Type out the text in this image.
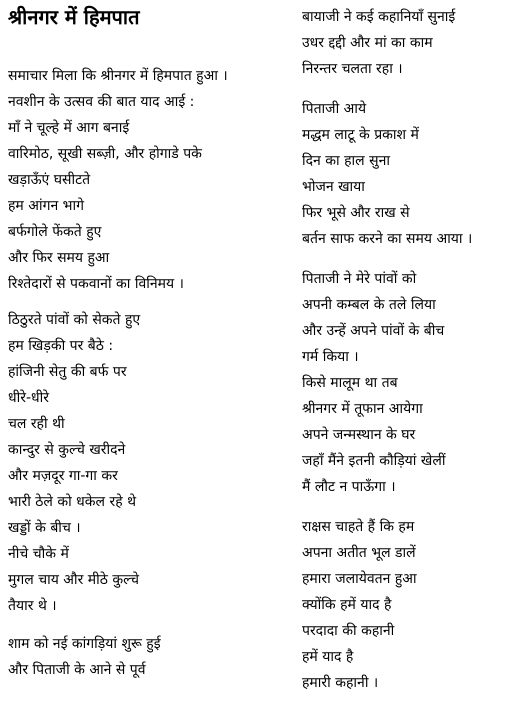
श्रीनगर में हिमपात
समाचार मिला कि श्रीनगर में हिमपात हुआ ।
नवशीन के उत्सव की बात याद आई :
माँ ने चूल्हे में आग बनाई
वारिमोठ, सूखी सब्ज़ी, और होगाडे पके
खड़ाऊँएं घसीटते
हम आंगन भागे
बर्फगोले फेंकते हुए
और फिर समय हुआ
रिश्तेदारों से पकवानों का विनिमय ।
ठिठुरते पांवों को सेकते हुए
हम खिड़की पर बैठे :
हांजिनी सेतु की बर्फ पर
धीरे-धीरे
चल रही थी
कान्दुर से कुल्चे खरीदने
और मज़दूर गा-गा कर
भारी ठेले को धकेल रहे थे
खड्डों के बीच ।
नीचे चौके में
मुगल चाय और मीठे कुल्चे
तैयार थे ।
शाम को नई कांगड़ियां शुरू हुई
और पिताजी के आने से पूर्व
बायाजी ने कई कहानियाँ सुनाई
उधर द्दद्दी और मां का काम
निरन्तर चलता रहा ।
पिताजी आये
मद्धम लाटू के प्रकाश में
दिन का हाल सुना
भोजन खाया
फिर भूसे और राख से
बर्तन साफ करने का समय आया ।
पिताजी ने मेरे पांवों को
अपनी कम्बल के तले लिया
और उन्हें अपने पांवों के बीच
गर्म किया ।
किसे मालूम था तब
श्रीनगर में तूफान आयेगा
अपने जन्मस्थान के घर
जहाँ मैंने इतनी कौड़ियां खेलीं
मैं लौट न पाऊँगा ।
राक्षस चाहते हैं कि हम
अपना अतीत भूल डालें
हमारा जलायेवतन हुआ
क्योंकि हमें याद है
परदादा की कहानी
हमें याद है
हमारी कहानी ।
